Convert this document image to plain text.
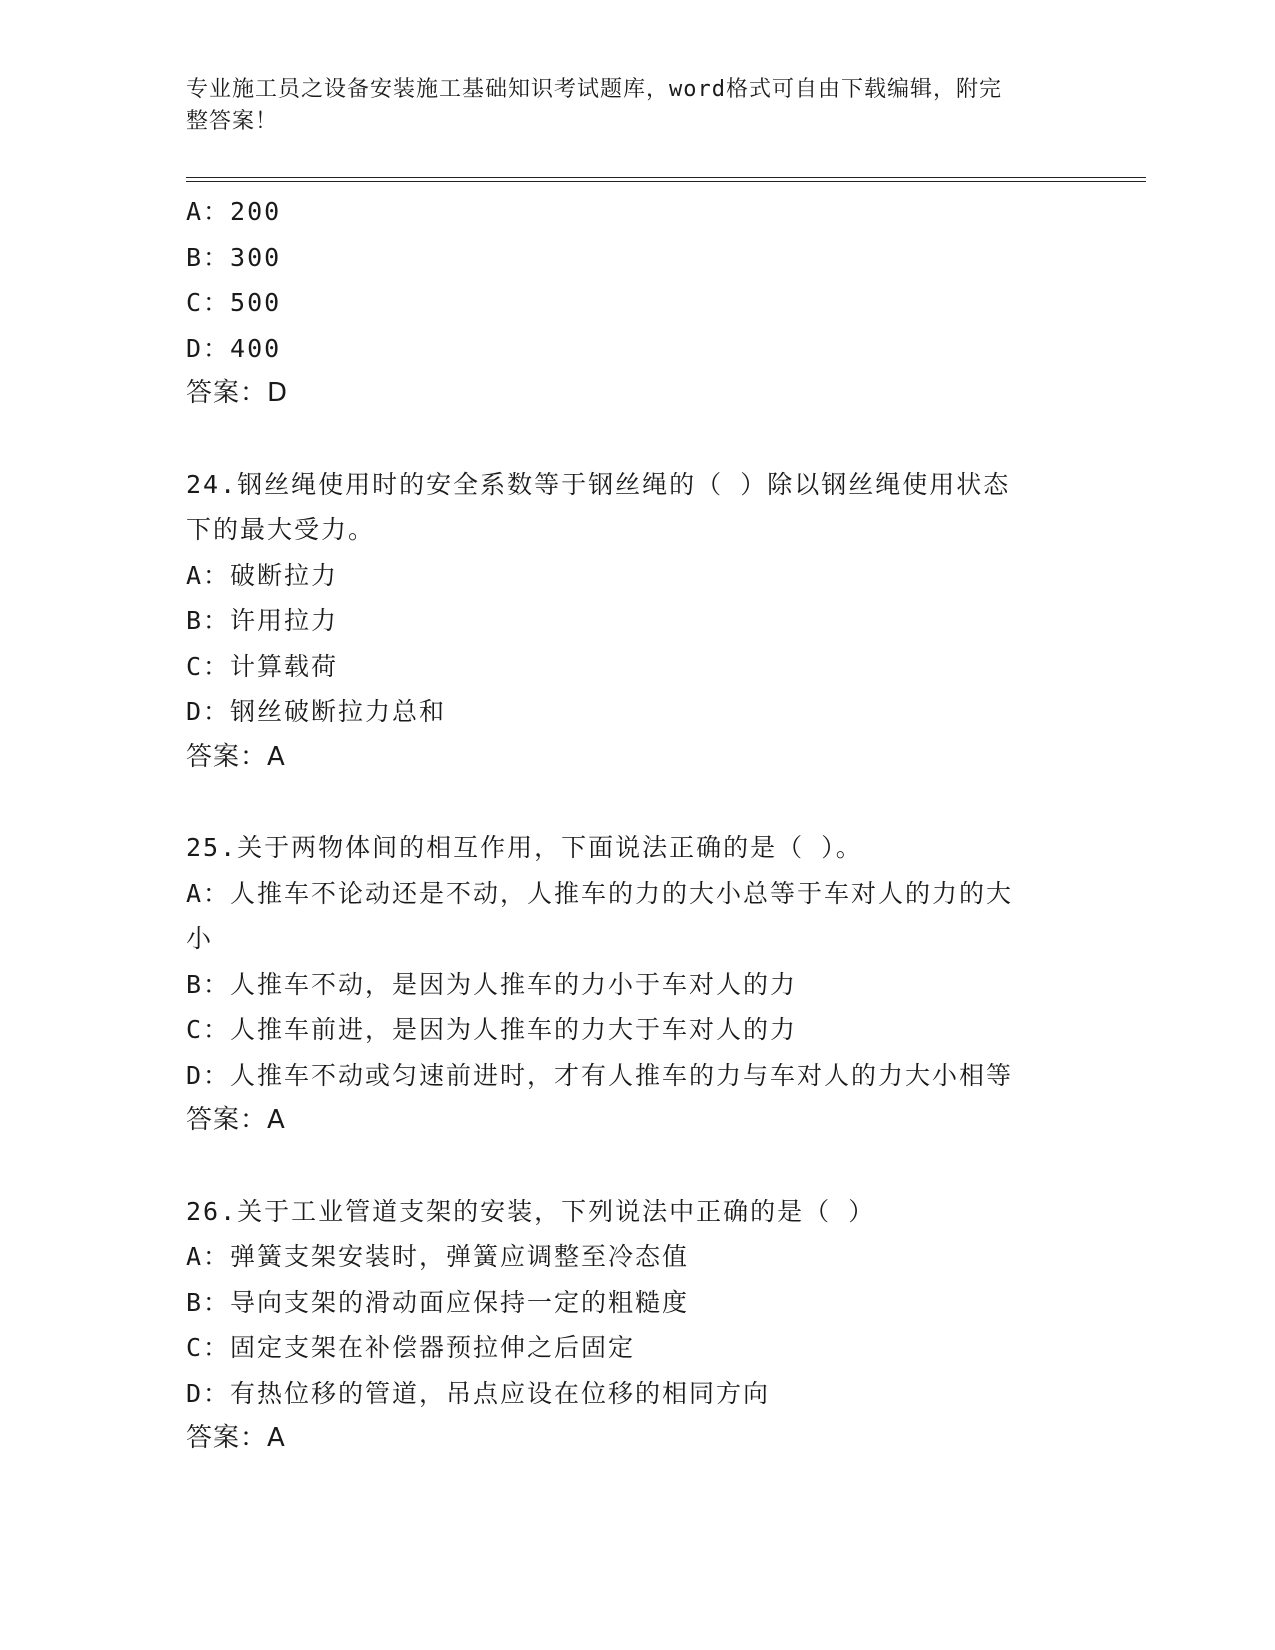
专业施工员之设备安装施工基础知识考试题库，word格式可自由下载编辑，附完
整答案！
A：200
B：300
C：500
D：400
答案：D
24.钢丝绳使用时的安全系数等于钢丝绳的（ ）除以钢丝绳使用状态
下的最大受力。
A：破断拉力
B：许用拉力
C：计算载荷
D：钢丝破断拉力总和
答案：A
25.关于两物体间的相互作用，下面说法正确的是（ ）。
A：人推车不论动还是不动，人推车的力的大小总等于车对人的力的大
小
B：人推车不动，是因为人推车的力小于车对人的力
C：人推车前进，是因为人推车的力大于车对人的力
D：人推车不动或匀速前进时，才有人推车的力与车对人的力大小相等
答案：A
26.关于工业管道支架的安装，下列说法中正确的是（ ）
A：弹簧支架安装时，弹簧应调整至冷态值
B：导向支架的滑动面应保持一定的粗糙度
C：固定支架在补偿器预拉伸之后固定
D：有热位移的管道，吊点应设在位移的相同方向
答案：A
